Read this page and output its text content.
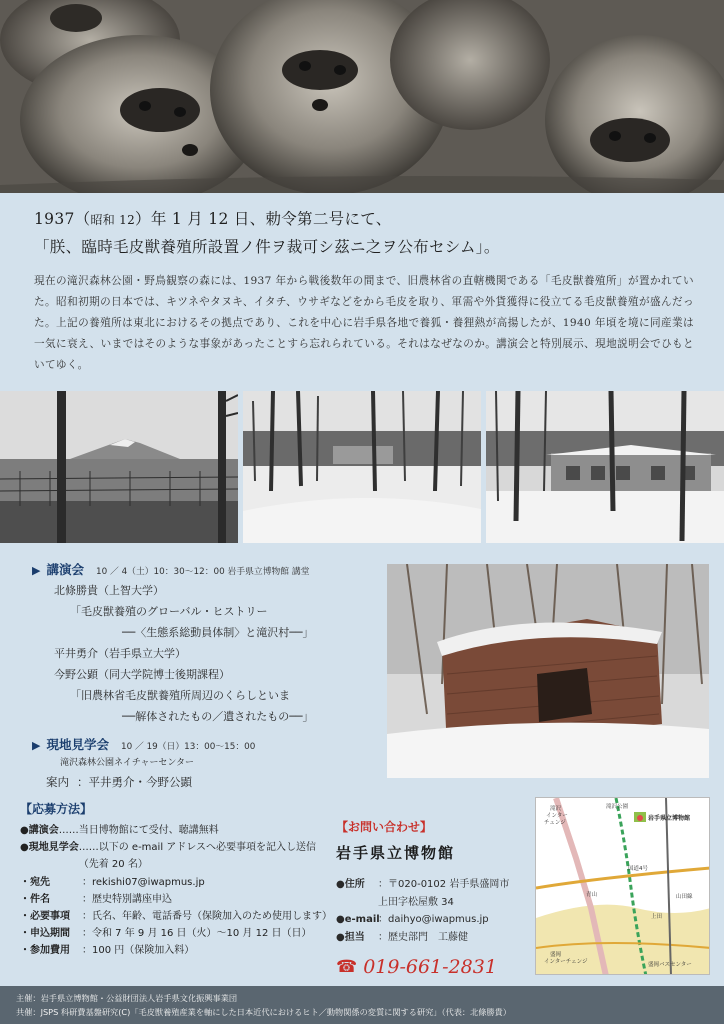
1937（昭和 12）年 1 月 12 日、勅令第二号にて、
「朕、臨時毛皮獣養殖所設置ノ件ヲ裁可シ茲ニ之ヲ公布セシム」。
現在の滝沢森林公園・野鳥観察の森には、1937 年から戦後数年の間まで、旧農林省の直轄機関である「毛皮獣養殖所」が置かれていた。昭和初期の日本では、キツネやタヌキ、イタチ、ウサギなどをから毛皮を取り、軍需や外貨獲得に役立てる毛皮獣養殖が盛んだった。上記の養殖所は東北におけるその拠点であり、これを中心に岩手県各地で養狐・養狸熱が高揚したが、1940 年頃を境に同産業は一気に衰え、いまではそのような事象があったことすら忘れられている。それはなぜなのか。講演会と特別展示、現地説明会でひもといてゆく。
▶ 講演会 10 ／ 4（土）10：30〜12：00 岩手県立博物館 講堂
北條勝貴（上智大学）
「毛皮獣養殖のグローバル・ヒストリー
──〈生態系総動員体制〉と滝沢村──」
平井勇介（岩手県立大学）
今野公顕（同大学院博士後期課程）
「旧農林省毛皮獣養殖所周辺のくらしといま
──解体されたもの／遺されたもの──」
▶ 現地見学会 10 ／ 19（日）13：00〜15：00
滝沢森林公園ネイチャーセンター
案内 ：平井勇介・今野公顕
【応募方法】
●講演会 ……当日博物館にて受付、聴講無料
●現地見学会 ……以下の e-mail アドレスへ必要事項を記入し送信（先着 20 名）
・宛先	：rekishi07@iwapmus.jp
・件名	：歴史特別講座申込
・必要事項	：氏名、年齢、電話番号（保険加入のため使用します）
・申込期間	：令和 7 年 9 月 16 日（火）〜10 月 12 日（日）
・参加費用	：100 円（保険加入料）
【お問い合わせ】
岩手県立博物館
●住所	：〒020-0102 岩手県盛岡市
上田字松屋敷 34
●e-mail
：daihyo@iwapmus.jp
●担当	：歴史部門　工藤健
☎ 019-661-2831
滝沢
インター
チェンジ
滝沢公園
岩手県立博物館
国道4号
青山	山田線
上田
盛岡
インターチェンジ	盛岡バスセンター
主催：岩手県立博物館・公益財団法人岩手県文化振興事業団
共催：JSPS 科研費基盤研究(C)「毛皮獣養殖産業を軸にした日本近代におけるヒト／動物関係の変質に関する研究」（代表：北條勝貴）
